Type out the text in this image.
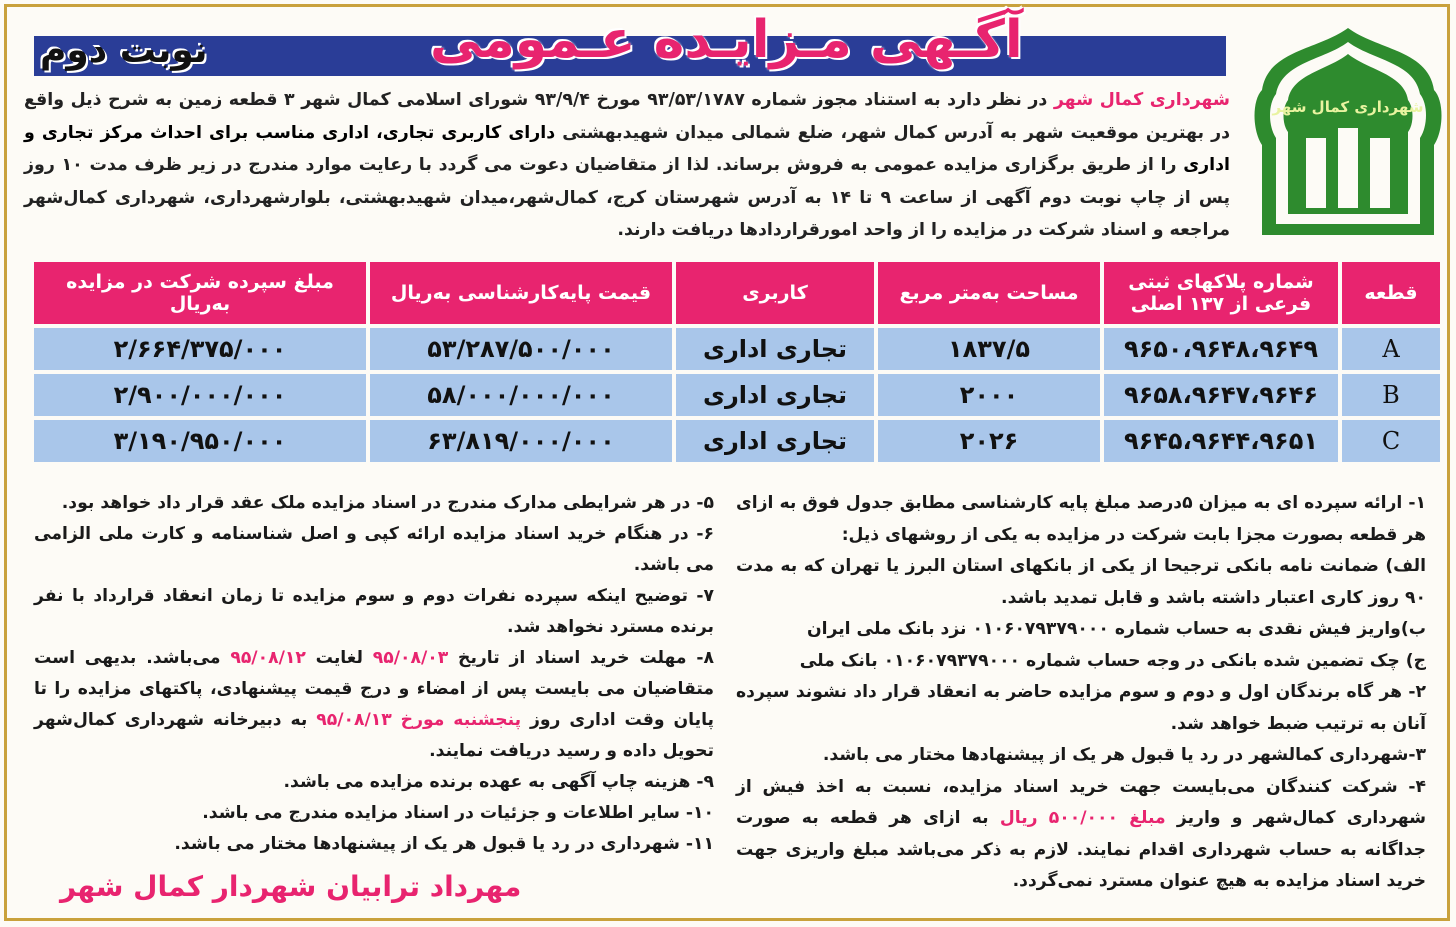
آگـهی مـزایـده عـمومی
نوبت دوم
شهرداری کمال شهر
شهرداری کمال شهر در نظر دارد به استناد مجوز شماره ۹۳/۵۳/۱۷۸۷ مورخ ۹۳/۹/۴ شورای اسلامی کمال شهر ۳ قطعه زمین به شرح ذیل واقع در بهترین موقعیت شهر به آدرس کمال شهر، ضلع شمالی میدان شهیدبهشتی دارای کاربری تجاری، اداری مناسب برای احداث مرکز تجاری و اداری را از طریق برگزاری مزایده عمومی به فروش برساند. لذا از متقاضیان دعوت می گردد با رعایت موارد مندرج در زیر ظرف مدت ۱۰ روز پس از چاپ نوبت دوم آگهی از ساعت ۹ تا ۱۴ به آدرس شهرستان کرج، کمال‌شهر،میدان شهیدبهشتی، بلوارشهرداری، شهرداری کمال‌شهر مراجعه و اسناد شرکت در مزایده را از واحد امورقراردادها دریافت دارند.
قطعه	شماره پلاکهای ثبتی فرعی از ۱۳۷ اصلی	مساحت به‌متر مربع	کاربری	قیمت پایه‌کارشناسی به‌ریال	مبلغ سپرده شرکت در مزایده به‌ریال
A	۹۶۵۰،۹۶۴۸،۹۶۴۹	۱۸۳۷/۵	تجاری اداری	۵۳/۲۸۷/۵۰۰/۰۰۰	۲/۶۶۴/۳۷۵/۰۰۰
B	۹۶۵۸،۹۶۴۷،۹۶۴۶	۲۰۰۰	تجاری اداری	۵۸/۰۰۰/۰۰۰/۰۰۰	۲/۹۰۰/۰۰۰/۰۰۰
C	۹۶۴۵،۹۶۴۴،۹۶۵۱	۲۰۲۶	تجاری اداری	۶۳/۸۱۹/۰۰۰/۰۰۰	۳/۱۹۰/۹۵۰/۰۰۰

۱- ارائه سپرده ای به میزان ۵درصد مبلغ پایه کارشناسی مطابق جدول فوق به ازای هر قطعه بصورت مجزا بابت شرکت در مزایده به یکی از روشهای ذیل:

الف) ضمانت نامه بانکی ترجیحا از یکی از بانکهای استان البرز یا تهران که به مدت ۹۰ روز کاری اعتبار داشته باشد و قابل تمدید باشد.

ب)واریز فیش نقدی به حساب شماره ۰۱۰۶۰۷۹۳۷۹۰۰۰ نزد بانک ملی ایران

ج) چک تضمین شده بانکی در وجه حساب شماره ۰۱۰۶۰۷۹۳۷۹۰۰۰ بانک ملی

۲- هر گاه برندگان اول و دوم و سوم مزایده حاضر به انعقاد قرار داد نشوند سپرده آنان به ترتیب ضبط خواهد شد.

۳-شهرداری کمالشهر در رد یا قبول هر یک از پیشنهادها مختار می باشد.

۴- شرکت کنندگان می‌بایست جهت خرید اسناد مزایده، نسبت به اخذ فیش از شهرداری کمال‌شهر و واریز مبلغ ۵۰۰/۰۰۰ ریال به ازای هر قطعه به صورت جداگانه به حساب شهرداری اقدام نمایند. لازم به ذکر می‌باشد مبلغ واریزی جهت خرید اسناد مزایده به هیچ عنوان مسترد نمی‌گردد.

۵- در هر شرایطی مدارک مندرج در اسناد مزایده ملک عقد قرار داد خواهد بود.

۶- در هنگام خرید اسناد مزایده ارائه کپی و اصل شناسنامه و کارت ملی الزامی می باشد.

۷- توضیح اینکه سپرده نفرات دوم و سوم مزایده تا زمان انعقاد قرارداد با نفر برنده مسترد نخواهد شد.

۸- مهلت خرید اسناد از تاریخ ۹۵/۰۸/۰۳ لغایت ۹۵/۰۸/۱۲ می‌باشد. بدیهی است متقاضیان می بایست پس از امضاء و درج قیمت پیشنهادی، پاکتهای مزایده را تا پایان وقت اداری روز پنجشنبه مورخ ۹۵/۰۸/۱۳ به دبیرخانه شهرداری کمال‌شهر تحویل داده و رسید دریافت نمایند.

۹- هزینه چاپ آگهی به عهده برنده مزایده می باشد.

۱۰- سایر اطلاعات و جزئیات در اسناد مزایده مندرج می باشد.

۱۱- شهرداری در رد یا قبول هر یک از پیشنهادها مختار می باشد.

مهرداد ترابیان شهردار کمال شهر
